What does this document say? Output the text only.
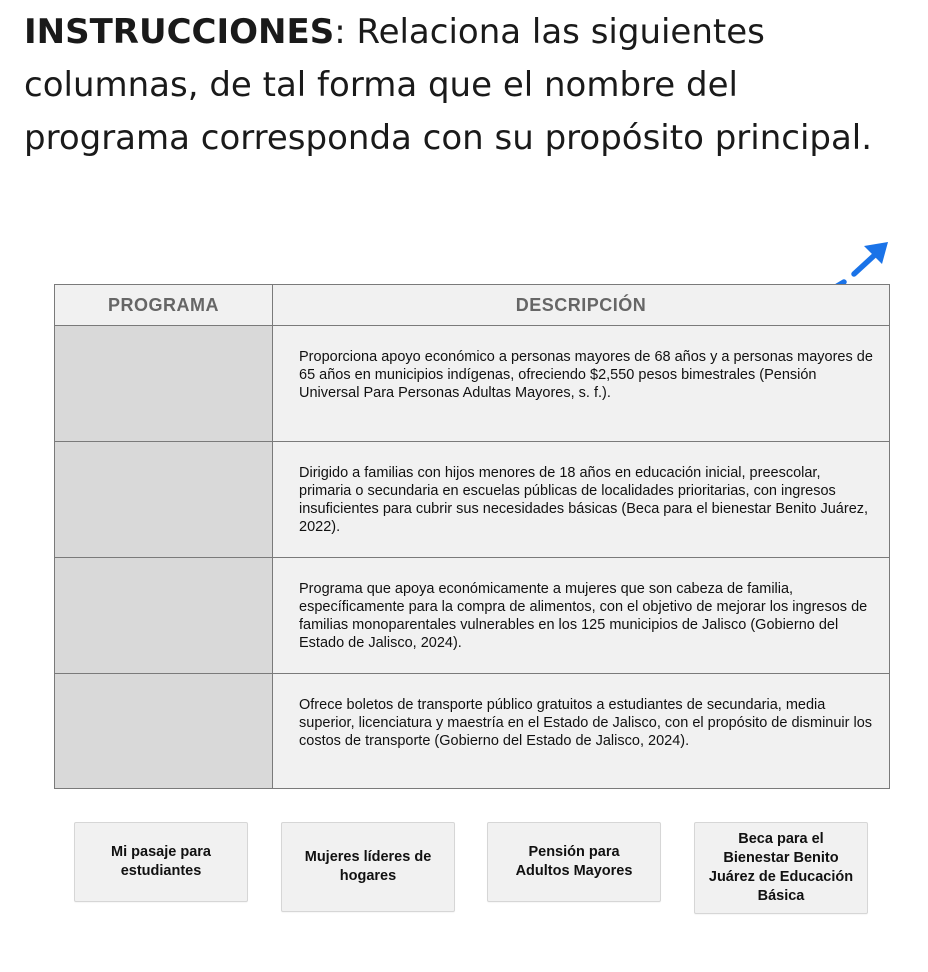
INSTRUCCIONES: Relaciona las siguientes columnas, de tal forma que el nombre del programa corresponda con su propósito principal.

PROGRAMA	DESCRIPCIÓN
	Proporciona apoyo económico a personas mayores de 68 años y a personas mayores de 65 años en municipios indígenas, ofreciendo $2,550 pesos bimestrales (Pensión Universal Para Personas Adultas Mayores, s. f.).
	Dirigido a familias con hijos menores de 18 años en educación inicial, preescolar, primaria o secundaria en escuelas públicas de localidades prioritarias, con ingresos insuficientes para cubrir sus necesidades básicas (Beca para el bienestar Benito Juárez, 2022).
	Programa que apoya económicamente a mujeres que son cabeza de familia, específicamente para la compra de alimentos, con el objetivo de mejorar los ingresos de familias monoparentales vulnerables en los 125 municipios de Jalisco (Gobierno del Estado de Jalisco, 2024).
	Ofrece boletos de transporte público gratuitos a estudiantes de secundaria, media superior, licenciatura y maestría en el Estado de Jalisco, con el propósito de disminuir los costos de transporte (Gobierno del Estado de Jalisco, 2024).
Mi pasaje para estudiantes
Mujeres líderes de hogares
Pensión para Adultos Mayores
Beca para el Bienestar Benito Juárez de Educación Básica
